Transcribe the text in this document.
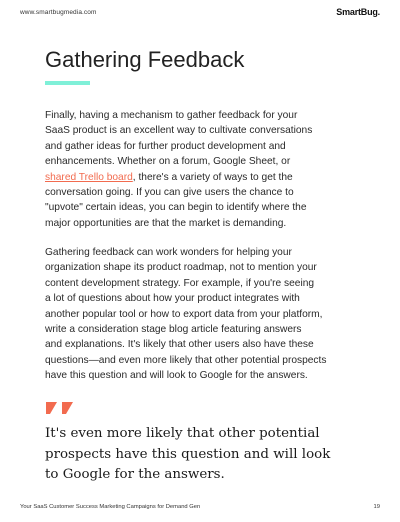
www.smartbugmedia.com	SmartBug.
Gathering Feedback

Finally, having a mechanism to gather feedback for your
SaaS product is an excellent way to cultivate conversations
and gather ideas for further product development and
enhancements. Whether on a forum, Google Sheet, or
shared Trello board, there's a variety of ways to get the
conversation going. If you can give users the chance to
"upvote" certain ideas, you can begin to identify where the
major opportunities are that the market is demanding.

Gathering feedback can work wonders for helping your
organization shape its product roadmap, not to mention your
content development strategy. For example, if you're seeing
a lot of questions about how your product integrates with
another popular tool or how to export data from your platform,
write a consideration stage blog article featuring answers
and explanations. It's likely that other users also have these
questions—and even more likely that other potential prospects
have this question and will look to Google for the answers.

It's even more likely that other potential
prospects have this question and will look
to Google for the answers.

Your SaaS Customer Success Marketing Campaigns for Demand Gen	19
